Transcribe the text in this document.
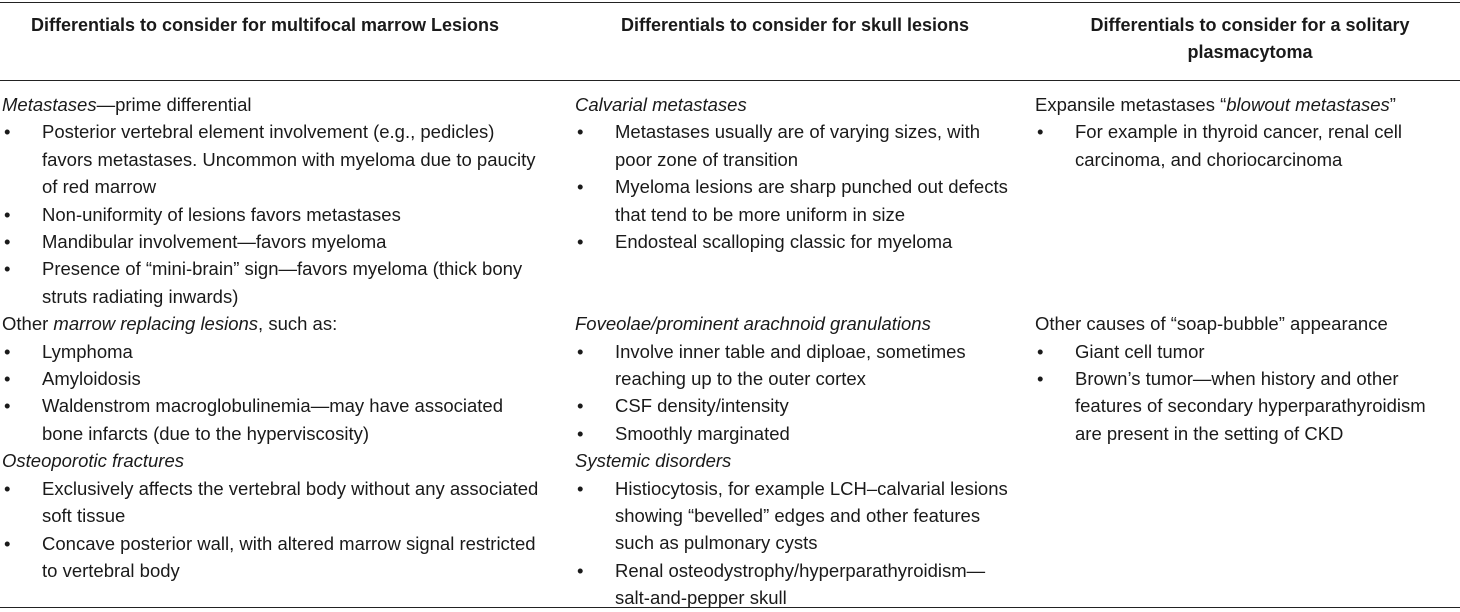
Differentials to consider for multifocal marrow Lesions	Differentials to consider for skull lesions	Differentials to consider for a solitary plasmacytoma

Metastases—prime differential

• Posterior vertebral element involvement (e.g., pedicles) favors metastases. Uncommon with myeloma due to paucity of red marrow
• Non-uniformity of lesions favors metastases
• Mandibular involvement—favors myeloma
• Presence of “mini-brain” sign—favors myeloma (thick bony struts radiating inwards)

Other marrow replacing lesions, such as:

• Lymphoma
• Amyloidosis
• Waldenstrom macroglobulinemia—may have associated bone infarcts (due to the hyperviscosity)

Osteoporotic fractures

• Exclusively affects the vertebral body without any associated soft tissue
• Concave posterior wall, with altered marrow signal restricted to vertebral body

Calvarial metastases

• Metastases usually are of varying sizes, with poor zone of transition
• Myeloma lesions are sharp punched out defects that tend to be more uniform in size
• Endosteal scalloping classic for myeloma

Foveolae/prominent arachnoid granulations

• Involve inner table and diploae, sometimes reaching up to the outer cortex
• CSF density/intensity
• Smoothly marginated

Systemic disorders

• Histiocytosis, for example LCH–calvarial lesions showing “bevelled” edges and other features such as pulmonary cysts
• Renal osteodystrophy/hyperparathyroidism—salt-and-pepper skull

Expansile metastases “blowout metastases”

• For example in thyroid cancer, renal cell carcinoma, and choriocarcinoma

Other causes of “soap-bubble” appearance

• Giant cell tumor
• Brown’s tumor—when history and other features of secondary hyperparathyroidism are present in the setting of CKD
